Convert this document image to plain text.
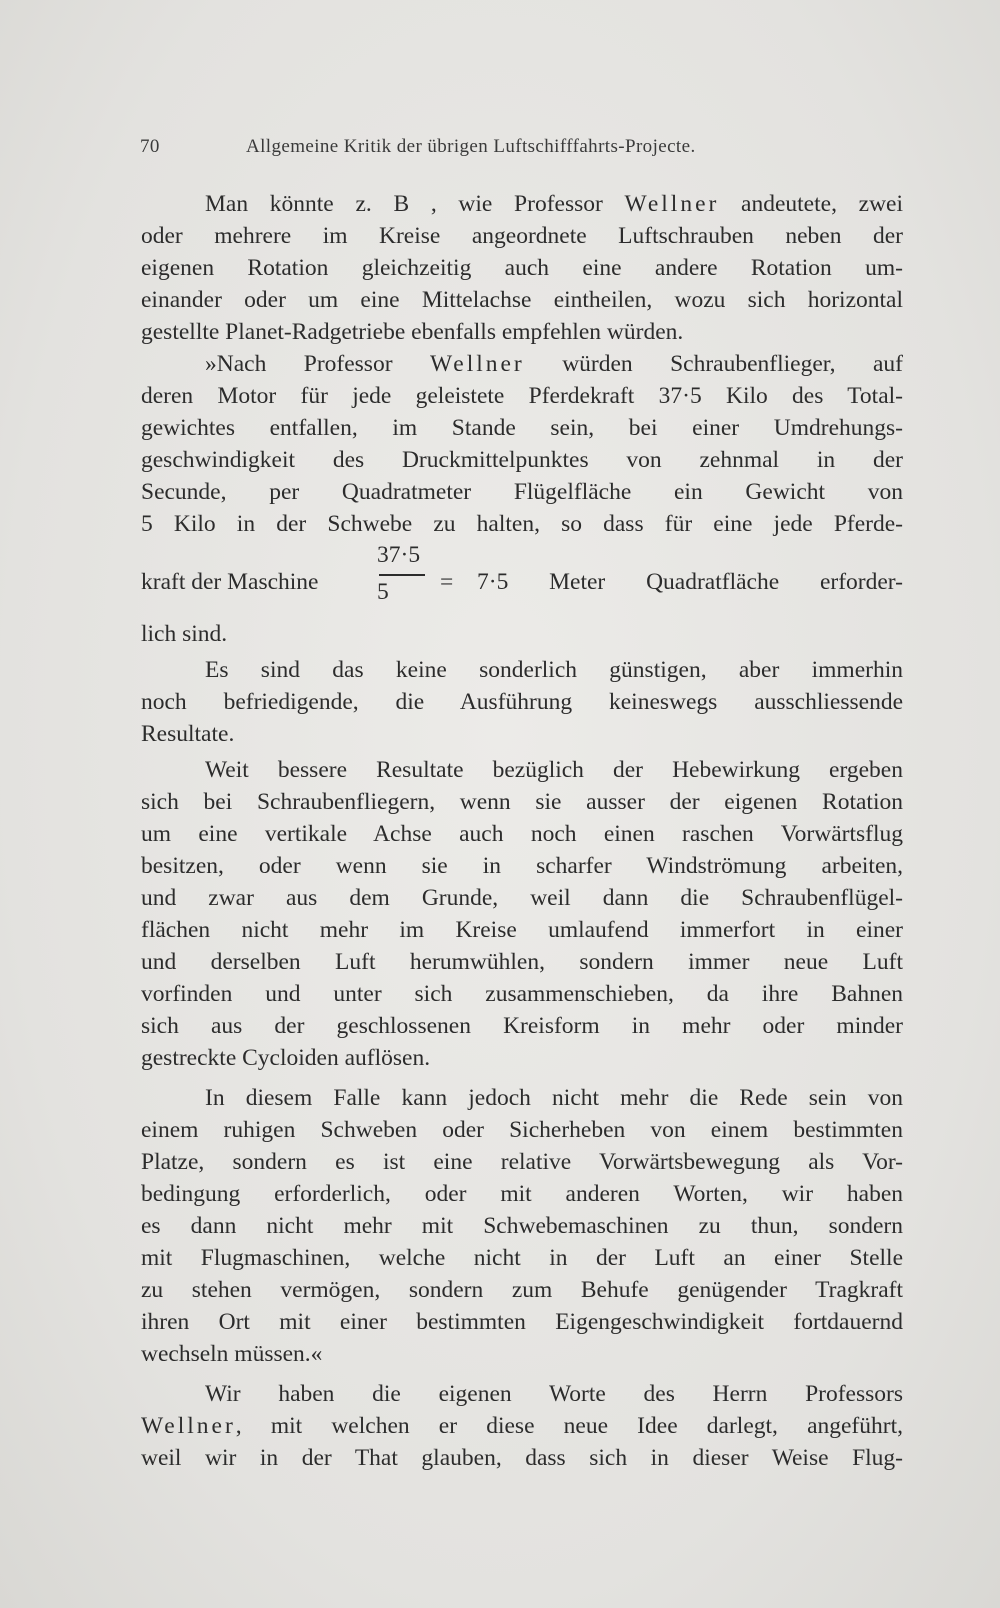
70	Allgemeine Kritik der übrigen Luftschifffahrts-Projecte.
Man könnte z. B , wie Professor Wellner andeutete, zwei
oder mehrere im Kreise angeordnete Luftschrauben neben der
eigenen Rotation gleichzeitig auch eine andere Rotation um-
einander oder um eine Mittelachse eintheilen, wozu sich horizontal
gestellte Planet-Radgetriebe ebenfalls empfehlen würden.
»Nach Professor Wellner würden Schraubenflieger, auf
deren Motor für jede geleistete Pferdekraft 37·5 Kilo des Total-
gewichtes entfallen, im Stande sein, bei einer Umdrehungs-
geschwindigkeit des Druckmittelpunktes von zehnmal in der
Secunde, per Quadratmeter Flügelfläche ein Gewicht von
5 Kilo in der Schwebe zu halten, so dass für eine jede Pferde-
kraft der Maschine
37·5
5	= 7·5 Meter Quadratfläche erforder-
lich sind.
Es sind das keine sonderlich günstigen, aber immerhin
noch befriedigende, die Ausführung keineswegs ausschliessende
Resultate.
Weit bessere Resultate bezüglich der Hebewirkung ergeben
sich bei Schraubenfliegern, wenn sie ausser der eigenen Rotation
um eine vertikale Achse auch noch einen raschen Vorwärtsflug
besitzen, oder wenn sie in scharfer Windströmung arbeiten,
und zwar aus dem Grunde, weil dann die Schraubenflügel-
flächen nicht mehr im Kreise umlaufend immerfort in einer
und derselben Luft herumwühlen, sondern immer neue Luft
vorfinden und unter sich zusammenschieben, da ihre Bahnen
sich aus der geschlossenen Kreisform in mehr oder minder
gestreckte Cycloiden auflösen.
In diesem Falle kann jedoch nicht mehr die Rede sein von
einem ruhigen Schweben oder Sicherheben von einem bestimmten
Platze, sondern es ist eine relative Vorwärtsbewegung als Vor-
bedingung erforderlich, oder mit anderen Worten, wir haben
es dann nicht mehr mit Schwebemaschinen zu thun, sondern
mit Flugmaschinen, welche nicht in der Luft an einer Stelle
zu stehen vermögen, sondern zum Behufe genügender Tragkraft
ihren Ort mit einer bestimmten Eigengeschwindigkeit fortdauernd
wechseln müssen.«
Wir haben die eigenen Worte des Herrn Professors
Wellner, mit welchen er diese neue Idee darlegt, angeführt,
weil wir in der That glauben, dass sich in dieser Weise Flug-
